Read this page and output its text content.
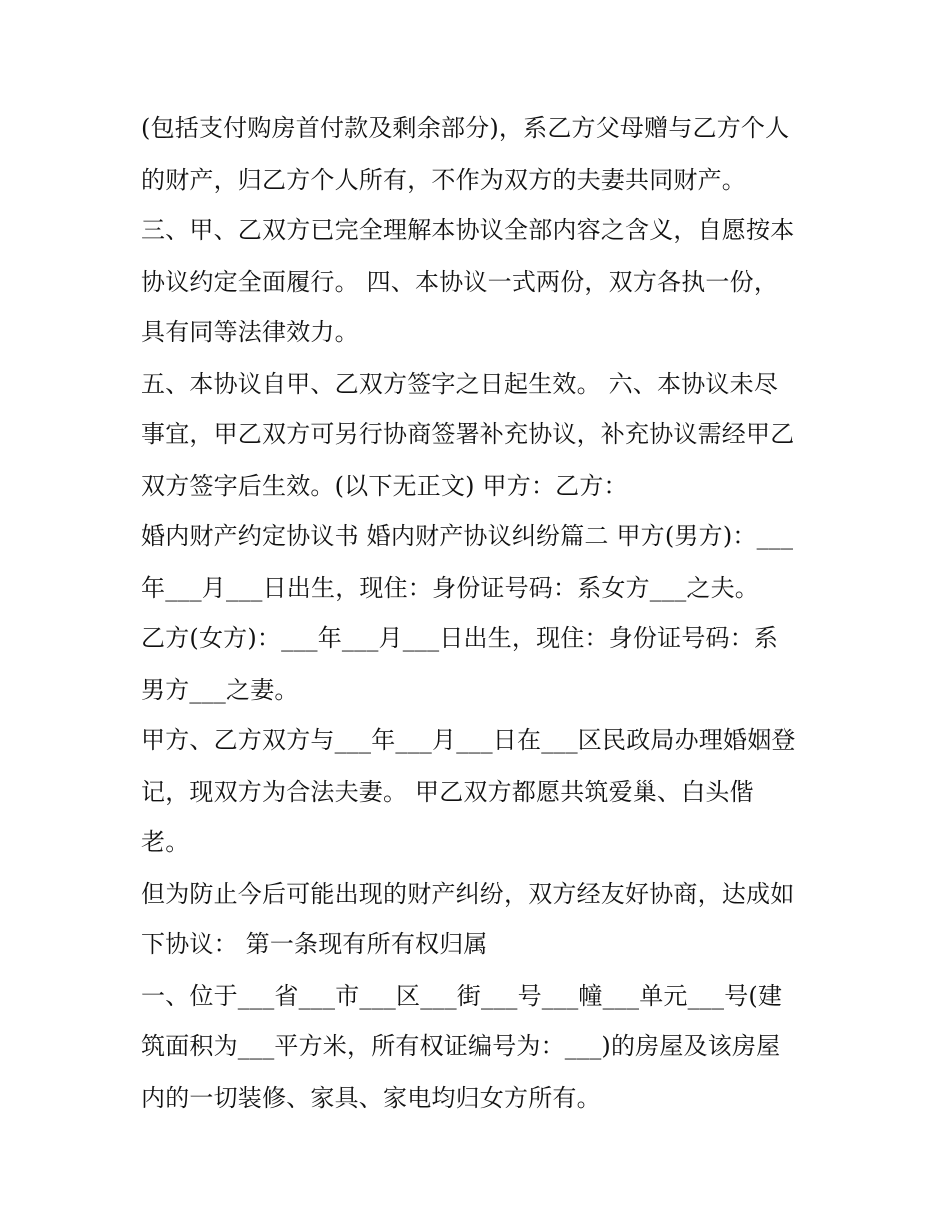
(包括支付购房首付款及剩余部分)，系乙方父母赠与乙方个人

的财产，归乙方个人所有，不作为双方的夫妻共同财产。

三、甲、乙双方已完全理解本协议全部内容之含义，自愿按本

协议约定全面履行。 四、本协议一式两份，双方各执一份，

具有同等法律效力。

五、本协议自甲、乙双方签字之日起生效。 六、本协议未尽

事宜，甲乙双方可另行协商签署补充协议，补充协议需经甲乙

双方签字后生效。(以下无正文) 甲方：乙方：

婚内财产约定协议书 婚内财产协议纠纷篇二 甲方(男方)：___

年___月___日出生，现住：身份证号码：系女方___之夫。

乙方(女方)：___年___月___日出生，现住：身份证号码：系

男方___之妻。

甲方、乙方双方与___年___月___日在___区民政局办理婚姻登

记，现双方为合法夫妻。 甲乙双方都愿共筑爱巢、白头偕

老。

但为防止今后可能出现的财产纠纷，双方经友好协商，达成如

下协议： 第一条现有所有权归属

一、位于___省___市___区___街___号___幢___单元___号(建

筑面积为___平方米，所有权证编号为：___)的房屋及该房屋

内的一切装修、家具、家电均归女方所有。
